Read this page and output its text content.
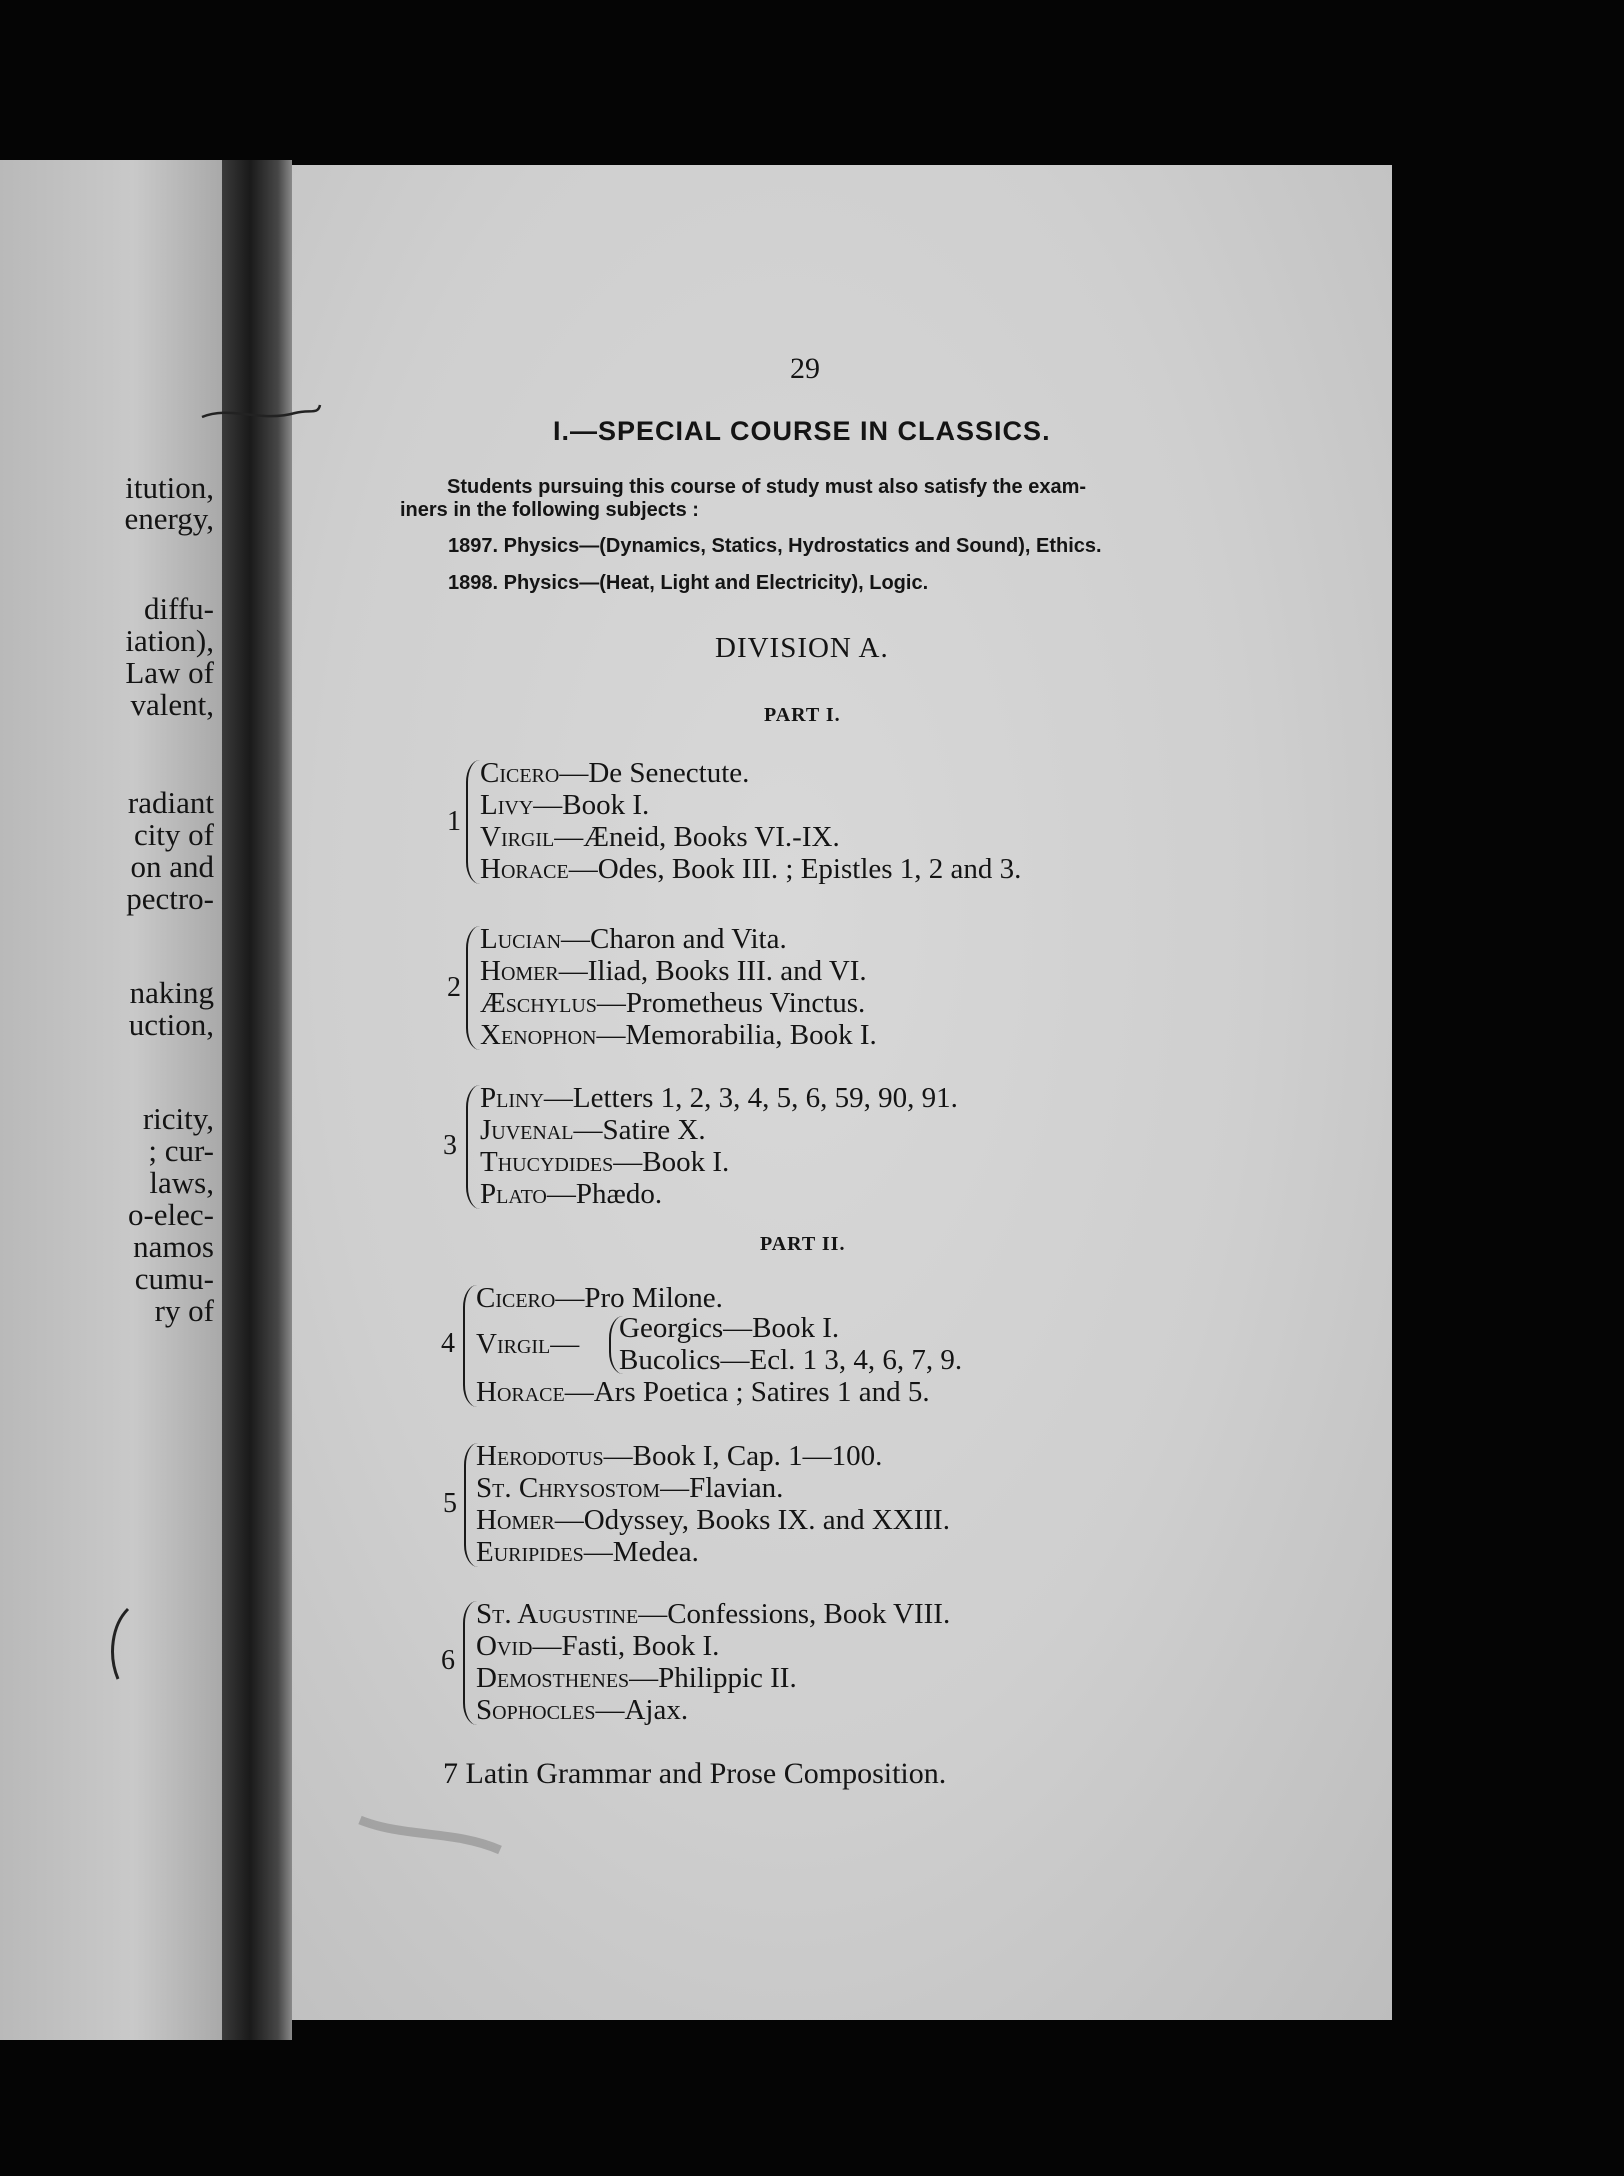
itution,
energy,
diffu-
iation),
Law of
valent,
radiant
city of
on and
pectro-
naking
uction,
ricity,
; cur-
laws,
o-elec-
namos
cumu-
ry of
29
I.—SPECIAL COURSE IN CLASSICS.
Students pursuing this course of study must also satisfy the exam-
iners in the following subjects :
1897. Physics—(Dynamics, Statics, Hydrostatics and Sound), Ethics.
1898. Physics—(Heat, Light and Electricity), Logic.
DIVISION A.
PART I.
1
Cicero—De Senectute.
Livy—Book I.
Virgil—Æneid, Books VI.-IX.
Horace—Odes, Book III. ; Epistles 1, 2 and 3.
2
Lucian—Charon and Vita.
Homer—Iliad, Books III. and VI.
Æschylus—Prometheus Vinctus.
Xenophon—Memorabilia, Book I.
3
Pliny—Letters 1, 2, 3, 4, 5, 6, 59, 90, 91.
Juvenal—Satire X.
Thucydides—Book I.
Plato—Phædo.
PART II.
4
Cicero—Pro Milone.
Virgil— Georgics—Book I.
Bucolics—Ecl. 1 3, 4, 6, 7, 9.
Horace—Ars Poetica ; Satires 1 and 5.
5
Herodotus—Book I, Cap. 1—100.
St. Chrysostom—Flavian.
Homer—Odyssey, Books IX. and XXIII.
Euripides—Medea.
6
St. Augustine—Confessions, Book VIII.
Ovid—Fasti, Book I.
Demosthenes—Philippic II.
Sophocles—Ajax.
7 Latin Grammar and Prose Composition.
